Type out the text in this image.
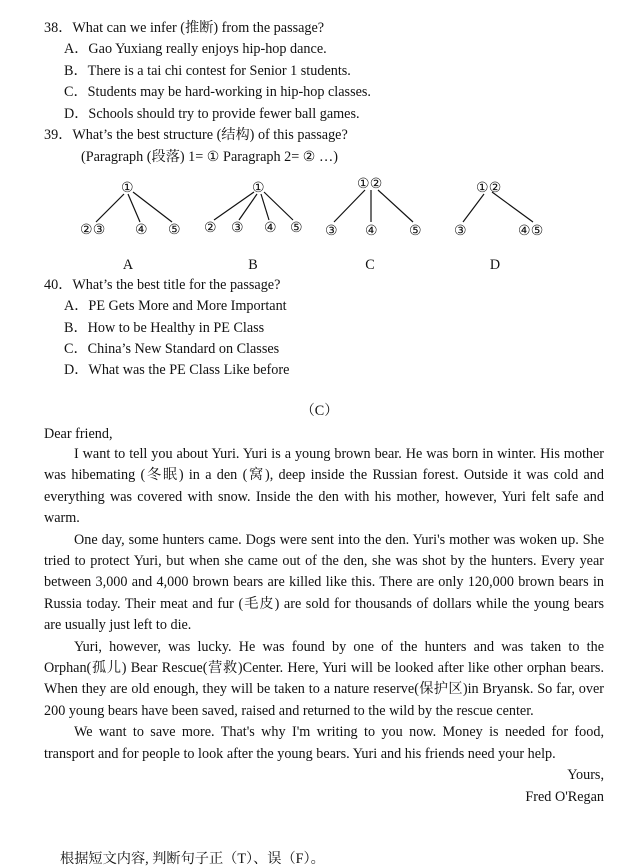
38．What can we infer (推断) from the passage?
A．Gao Yuxiang really enjoys hip-hop dance.
B．There is a tai chi contest for Senior 1 students.
C．Students may be hard-working in hip-hop classes.
D．Schools should try to provide fewer ball games.
39．What’s the best structure (结构) of this passage?
(Paragraph (段落) 1= ① Paragraph 2= ② …)
①	①	①②	①②
②③ ④ ⑤ ② ③ ④ ⑤ ③ ④ ⑤ ③	④⑤
A	B	C	D
40．What’s the best title for the passage?
A．PE Gets More and More Important
B．How to be Healthy in PE Class
C．China’s New Standard on Classes
D．What was the PE Class Like before
（C）
Dear friend,

I want to tell you about Yuri. Yuri is a young brown bear. He was born in winter. His mother was hibemating (冬眠) in a den (窝), deep inside the Russian forest. Outside it was cold and everything was covered with snow. Inside the den with his mother, however, Yuri felt safe and warm.

One day, some hunters came. Dogs were sent into the den. Yuri's mother was woken up. She tried to protect Yuri, but when she came out of the den, she was shot by the hunters. Every year between 3,000 and 4,000 brown bears are killed like this. There are only 120,000 brown bears in Russia today. Their meat and fur (毛皮) are sold for thousands of dollars while the young bears are usually just left to die.

Yuri, however, was lucky. He was found by one of the hunters and was taken to the Orphan(孤儿) Bear Rescue(营救)Center. Here, Yuri will be looked after like other orphan bears. When they are old enough, they will be taken to a nature reserve(保护区)in Bryansk. So far, over 200 young bears have been saved, raised and returned to the wild by the rescue center.

We want to save more. That's why I'm writing to you now. Money is needed for food, transport and for people to look after the young bears. Yuri and his friends need your help.

Yours,
Fred O'Regan
根据短文内容, 判断句子正（T）、误（F）。
